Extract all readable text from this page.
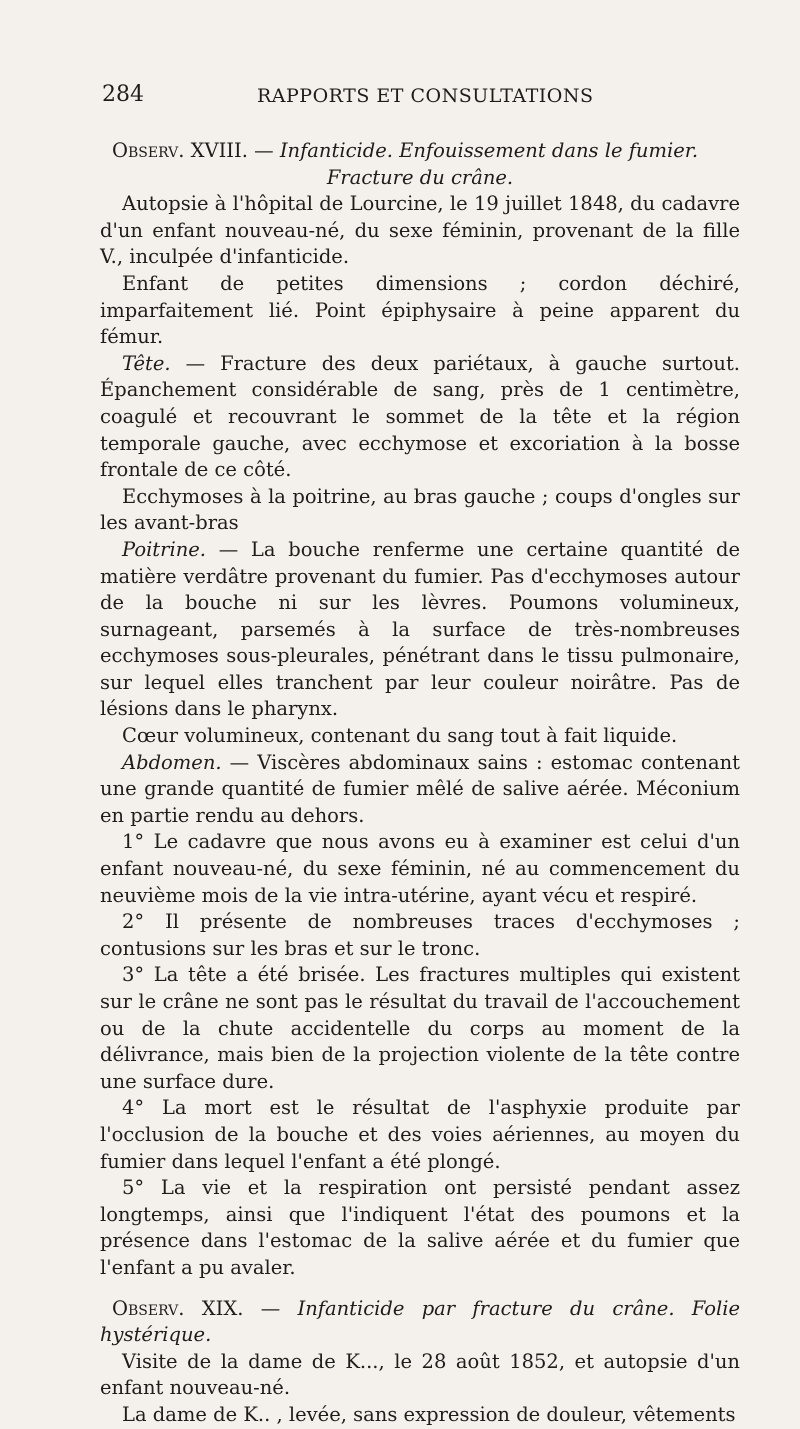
284	RAPPORTS ET CONSULTATIONS

Observ. XVIII. — Infanticide. Enfouissement dans le fumier.

Fracture du crâne.

Autopsie à l'hôpital de Lourcine, le 19 juillet 1848, du cadavre d'un enfant nouveau-né, du sexe féminin, provenant de la fille V., inculpée d'infanticide.

Enfant de petites dimensions ; cordon déchiré, imparfaitement lié. Point épiphysaire à peine apparent du fémur.

Tête. — Fracture des deux pariétaux, à gauche surtout. Épanchement considérable de sang, près de 1 centimètre, coagulé et recouvrant le sommet de la tête et la région temporale gauche, avec ecchymose et excoriation à la bosse frontale de ce côté.

Ecchymoses à la poitrine, au bras gauche ; coups d'ongles sur les avant-bras

Poitrine. — La bouche renferme une certaine quantité de matière verdâtre provenant du fumier. Pas d'ecchymoses autour de la bouche ni sur les lèvres. Poumons volumineux, surnageant, parsemés à la surface de très-nombreuses ecchymoses sous-pleurales, pénétrant dans le tissu pulmonaire, sur lequel elles tranchent par leur couleur noirâtre. Pas de lésions dans le pharynx.

Cœur volumineux, contenant du sang tout à fait liquide.

Abdomen. — Viscères abdominaux sains : estomac contenant une grande quantité de fumier mêlé de salive aérée. Méconium en partie rendu au dehors.

1° Le cadavre que nous avons eu à examiner est celui d'un enfant nouveau-né, du sexe féminin, né au commencement du neuvième mois de la vie intra-utérine, ayant vécu et respiré.

2° Il présente de nombreuses traces d'ecchymoses ; contusions sur les bras et sur le tronc.

3° La tête a été brisée. Les fractures multiples qui existent sur le crâne ne sont pas le résultat du travail de l'accouchement ou de la chute accidentelle du corps au moment de la délivrance, mais bien de la projection violente de la tête contre une surface dure.

4° La mort est le résultat de l'asphyxie produite par l'occlusion de la bouche et des voies aériennes, au moyen du fumier dans lequel l'enfant a été plongé.

5° La vie et la respiration ont persisté pendant assez longtemps, ainsi que l'indiquent l'état des poumons et la présence dans l'estomac de la salive aérée et du fumier que l'enfant a pu avaler.

Observ. XIX. — Infanticide par fracture du crâne. Folie hystérique.

Visite de la dame de K..., le 28 août 1852, et autopsie d'un enfant nouveau-né.

La dame de K.. , levée, sans expression de douleur, vêtements
